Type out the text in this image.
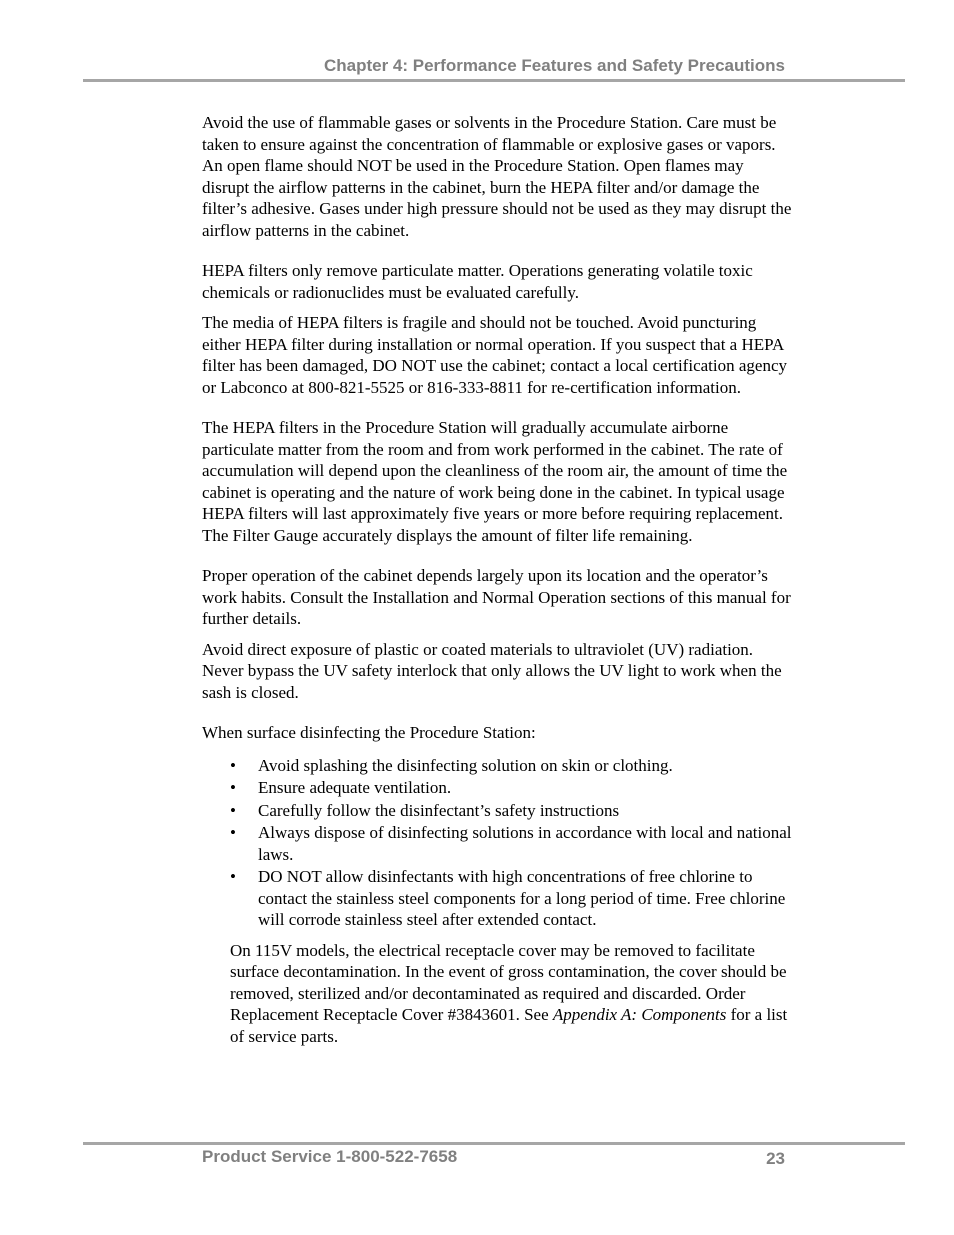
Chapter 4: Performance Features and Safety Precautions

Avoid the use of flammable gases or solvents in the Procedure Station. Care must be taken to ensure against the concentration of flammable or explosive gases or vapors. An open flame should NOT be used in the Procedure Station. Open flames may disrupt the airflow patterns in the cabinet, burn the HEPA filter and/or damage the filter’s adhesive. Gases under high pressure should not be used as they may disrupt the airflow patterns in the cabinet.

HEPA filters only remove particulate matter. Operations generating volatile toxic chemicals or radionuclides must be evaluated carefully.

The media of HEPA filters is fragile and should not be touched. Avoid puncturing either HEPA filter during installation or normal operation. If you suspect that a HEPA filter has been damaged, DO NOT use the cabinet; contact a local certification agency or Labconco at 800-821-5525 or 816-333-8811 for re-certification information.

The HEPA filters in the Procedure Station will gradually accumulate airborne particulate matter from the room and from work performed in the cabinet. The rate of accumulation will depend upon the cleanliness of the room air, the amount of time the cabinet is operating and the nature of work being done in the cabinet. In typical usage HEPA filters will last approximately five years or more before requiring replacement. The Filter Gauge accurately displays the amount of filter life remaining.

Proper operation of the cabinet depends largely upon its location and the operator’s work habits. Consult the Installation and Normal Operation sections of this manual for further details.

Avoid direct exposure of plastic or coated materials to ultraviolet (UV) radiation. Never bypass the UV safety interlock that only allows the UV light to work when the sash is closed.

When surface disinfecting the Procedure Station:

• Avoid splashing the disinfecting solution on skin or clothing.
• Ensure adequate ventilation.
• Carefully follow the disinfectant’s safety instructions
• Always dispose of disinfecting solutions in accordance with local and national laws.
• DO NOT allow disinfectants with high concentrations of free chlorine to contact the stainless steel components for a long period of time. Free chlorine will corrode stainless steel after extended contact.

On 115V models, the electrical receptacle cover may be removed to facilitate surface decontamination. In the event of gross contamination, the cover should be removed, sterilized and/or decontaminated as required and discarded. Order Replacement Receptacle Cover #3843601. See Appendix A: Components for a list of service parts.

Product Service 1-800-522-7658	23
